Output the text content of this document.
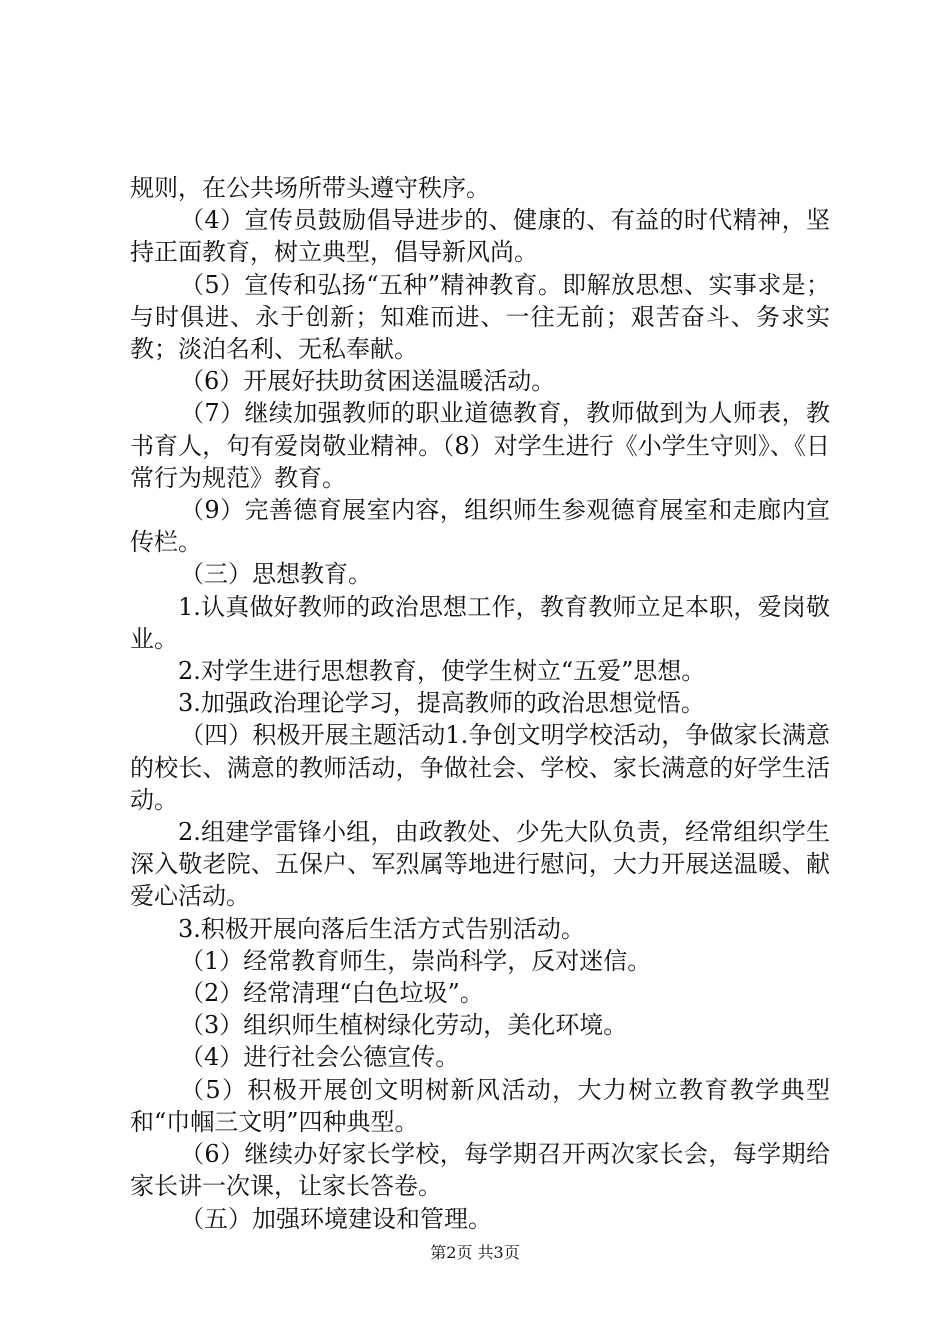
规则，在公共场所带头遵守秩序。

（4）宣传员鼓励倡导进步的、健康的、有益的时代精神，坚持正面教育，树立典型，倡导新风尚。

（5）宣传和弘扬“五种”精神教育。即解放思想、实事求是；与时俱进、永于创新；知难而进、一往无前；艰苦奋斗、务求实教；淡泊名利、无私奉献。

（6）开展好扶助贫困送温暖活动。

（7）继续加强教师的职业道德教育，教师做到为人师表，教书育人，句有爱岗敬业精神。（8）对学生进行《小学生守则》、《日常行为规范》教育。

（9）完善德育展室内容，组织师生参观德育展室和走廊内宣传栏。

（三）思想教育。

1.认真做好教师的政治思想工作，教育教师立足本职，爱岗敬业。

2.对学生进行思想教育，使学生树立“五爱”思想。

3.加强政治理论学习，提高教师的政治思想觉悟。

（四）积极开展主题活动1.争创文明学校活动，争做家长满意的校长、满意的教师活动，争做社会、学校、家长满意的好学生活动。

2.组建学雷锋小组，由政教处、少先大队负责，经常组织学生深入敬老院、五保户、军烈属等地进行慰问，大力开展送温暖、献爱心活动。

3.积极开展向落后生活方式告别活动。

（1）经常教育师生，崇尚科学，反对迷信。

（2）经常清理“白色垃圾”。

（3）组织师生植树绿化劳动，美化环境。

（4）进行社会公德宣传。

（5）积极开展创文明树新风活动，大力树立教育教学典型和“巾帼三文明”四种典型。

（6）继续办好家长学校，每学期召开两次家长会，每学期给家长讲一次课，让家长答卷。

（五）加强环境建设和管理。

第2页 共3页
